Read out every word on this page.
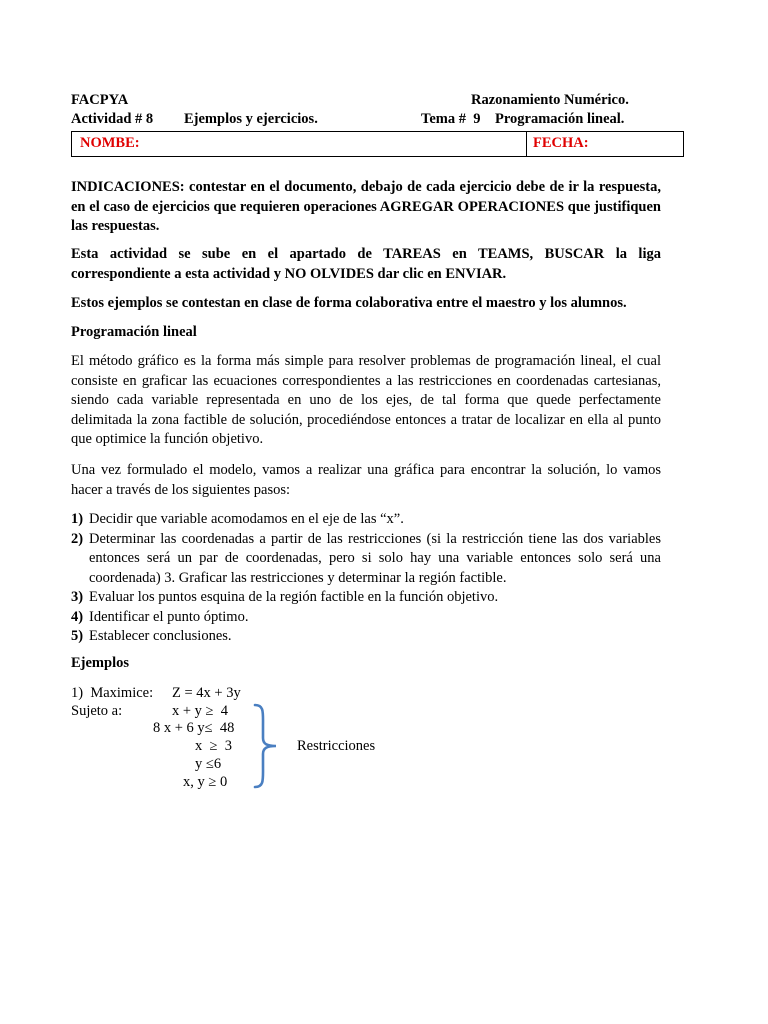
FACPYA	Razonamiento Numérico.
Actividad # 8 Ejemplos y ejercicios.	Tema #  9 Programación lineal.
NOMBE:	FECHA:
INDICACIONES: contestar en el documento, debajo de cada ejercicio debe de ir la respuesta, en el caso de ejercicios que requieren operaciones AGREGAR OPERACIONES que justifiquen las respuestas.
Esta actividad se sube en el apartado de TAREAS en TEAMS, BUSCAR la liga correspondiente a esta actividad y NO OLVIDES dar clic en ENVIAR.
Estos ejemplos se contestan en clase de forma colaborativa entre el maestro y los alumnos.
Programación lineal
El método gráfico es la forma más simple para resolver problemas de programación lineal, el cual consiste en graficar las ecuaciones correspondientes a las restricciones en coordenadas cartesianas, siendo cada variable representada en uno de los ejes, de tal forma que quede perfectamente delimitada la zona factible de solución, procediéndose entonces a tratar de localizar en ella al punto que optimice la función objetivo.
Una vez formulado el modelo, vamos a realizar una gráfica para encontrar la solución, lo vamos hacer a través de los siguientes pasos:
1) Decidir que variable acomodamos en el eje de las “x”.
2) Determinar las coordenadas a partir de las restricciones (si la restricción tiene las dos variables entonces será un par de coordenadas, pero si solo hay una variable entonces solo será una coordenada) 3. Graficar las restricciones y determinar la región factible.
3) Evaluar los puntos esquina de la región factible en la función objetivo.
4) Identificar el punto óptimo.
5) Establecer conclusiones.
Ejemplos
1)  Maximice: Z = 4x + 3y
Sujeto a:	x + y ≥  4
8 x + 6 y≤  48
x  ≥  3
y ≤6
x, y ≥ 0
Restricciones
